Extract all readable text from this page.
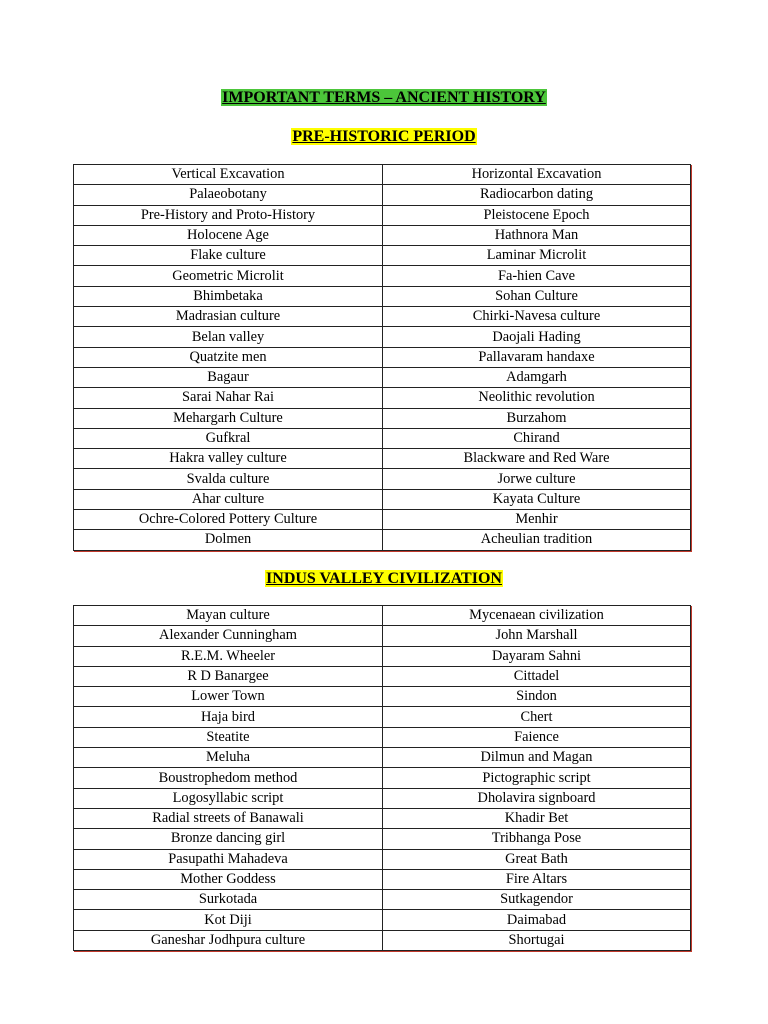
IMPORTANT TERMS – ANCIENT HISTORY
PRE-HISTORIC PERIOD
Vertical Excavation	Horizontal Excavation
Palaeobotany	Radiocarbon dating
Pre-History and Proto-History	Pleistocene Epoch
Holocene Age	Hathnora Man
Flake culture	Laminar Microlit
Geometric Microlit	Fa-hien Cave
Bhimbetaka	Sohan Culture
Madrasian culture	Chirki-Navesa culture
Belan valley	Daojali Hading
Quatzite men	Pallavaram handaxe
Bagaur	Adamgarh
Sarai Nahar Rai	Neolithic revolution
Mehargarh Culture	Burzahom
Gufkral	Chirand
Hakra valley culture	Blackware and Red Ware
Svalda culture	Jorwe culture
Ahar culture	Kayata Culture
Ochre-Colored Pottery Culture	Menhir
Dolmen	Acheulian tradition
INDUS VALLEY CIVILIZATION
Mayan culture	Mycenaean civilization
Alexander Cunningham	John Marshall
R.E.M. Wheeler	Dayaram Sahni
R D Banargee	Cittadel
Lower Town	Sindon
Haja bird	Chert
Steatite	Faience
Meluha	Dilmun and Magan
Boustrophedom method	Pictographic script
Logosyllabic script	Dholavira signboard
Radial streets of Banawali	Khadir Bet
Bronze dancing girl	Tribhanga Pose
Pasupathi Mahadeva	Great Bath
Mother Goddess	Fire Altars
Surkotada	Sutkagendor
Kot Diji	Daimabad
Ganeshar Jodhpura culture	Shortugai
